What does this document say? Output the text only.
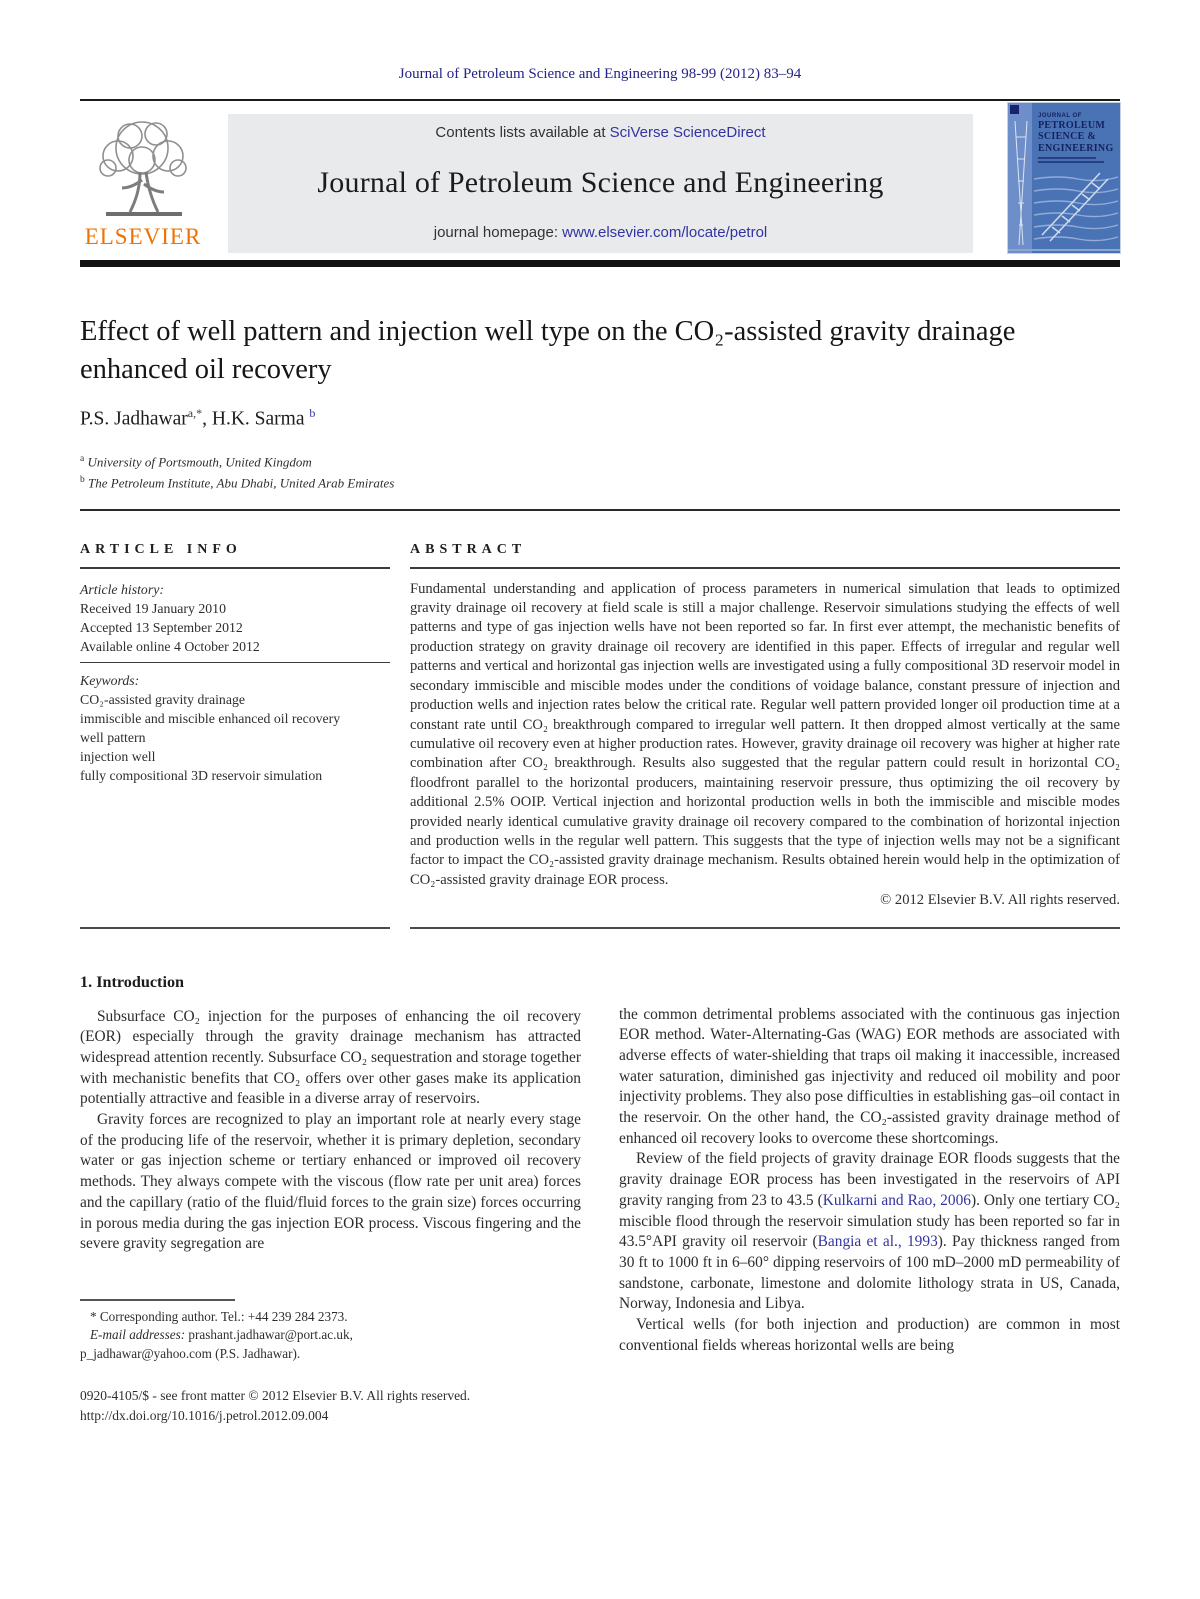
Journal of Petroleum Science and Engineering 98-99 (2012) 83–94
ELSEVIER
Contents lists available at SciVerse ScienceDirect
Journal of Petroleum Science and Engineering
journal homepage: www.elsevier.com/locate/petrol
JOURNAL OF
PETROLEUM
SCIENCE &
ENGINEERING
Effect of well pattern and injection well type on the CO₂-assisted gravity drainage enhanced oil recovery
P.S. Jadhawar$^{a,*}$, H.K. Sarma $^b$
$^a$ University of Portsmouth, United Kingdom
$^b$ The Petroleum Institute, Abu Dhabi, United Arab Emirates
ARTICLE INFO
Article history:
Received 19 January 2010
Accepted 13 September 2012
Available online 4 October 2012
Keywords:
CO₂-assisted gravity drainage
immiscible and miscible enhanced oil recovery
well pattern
injection well
fully compositional 3D reservoir simulation
ABSTRACT

Fundamental understanding and application of process parameters in numerical simulation that leads to optimized gravity drainage oil recovery at field scale is still a major challenge. Reservoir simulations studying the effects of well patterns and type of gas injection wells have not been reported so far. In first ever attempt, the mechanistic benefits of production strategy on gravity drainage oil recovery are identified in this paper. Effects of irregular and regular well patterns and vertical and horizontal gas injection wells are investigated using a fully compositional 3D reservoir model in secondary immiscible and miscible modes under the conditions of voidage balance, constant pressure of injection and production wells and injection rates below the critical rate. Regular well pattern provided longer oil production time at a constant rate until CO₂ breakthrough compared to irregular well pattern. It then dropped almost vertically at the same cumulative oil recovery even at higher production rates. However, gravity drainage oil recovery was higher at higher rate combination after CO₂ breakthrough. Results also suggested that the regular pattern could result in horizontal CO₂ floodfront parallel to the horizontal producers, maintaining reservoir pressure, thus optimizing the oil recovery by additional 2.5% OOIP. Vertical injection and horizontal production wells in both the immiscible and miscible modes provided nearly identical cumulative gravity drainage oil recovery compared to the combination of horizontal injection and production wells in the regular well pattern. This suggests that the type of injection wells may not be a significant factor to impact the CO₂-assisted gravity drainage mechanism. Results obtained herein would help in the optimization of CO₂-assisted gravity drainage EOR process.

© 2012 Elsevier B.V. All rights reserved.
1. Introduction

Subsurface CO₂ injection for the purposes of enhancing the oil recovery (EOR) especially through the gravity drainage mechanism has attracted widespread attention recently. Subsurface CO₂ sequestration and storage together with mechanistic benefits that CO₂ offers over other gases make its application potentially attractive and feasible in a diverse array of reservoirs.

Gravity forces are recognized to play an important role at nearly every stage of the producing life of the reservoir, whether it is primary depletion, secondary water or gas injection scheme or tertiary enhanced or improved oil recovery methods. They always compete with the viscous (flow rate per unit area) forces and the capillary (ratio of the fluid/fluid forces to the grain size) forces occurring in porous media during the gas injection EOR process. Viscous fingering and the severe gravity segregation are

* Corresponding author. Tel.: +44 239 284 2373.

E-mail addresses: prashant.jadhawar@port.ac.uk, p_jadhawar@yahoo.com (P.S. Jadhawar).

0920-4105/$ - see front matter © 2012 Elsevier B.V. All rights reserved.
http://dx.doi.org/10.1016/j.petrol.2012.09.004

the common detrimental problems associated with the continuous gas injection EOR method. Water-Alternating-Gas (WAG) EOR methods are associated with adverse effects of water-shielding that traps oil making it inaccessible, increased water saturation, diminished gas injectivity and reduced oil mobility and poor injectivity problems. They also pose difficulties in establishing gas–oil contact in the reservoir. On the other hand, the CO₂-assisted gravity drainage method of enhanced oil recovery looks to overcome these shortcomings.

Review of the field projects of gravity drainage EOR floods suggests that the gravity drainage EOR process has been investigated in the reservoirs of API gravity ranging from 23 to 43.5 (Kulkarni and Rao, 2006). Only one tertiary CO₂ miscible flood through the reservoir simulation study has been reported so far in 43.5°API gravity oil reservoir (Bangia et al., 1993). Pay thickness ranged from 30 ft to 1000 ft in 6–60° dipping reservoirs of 100 mD–2000 mD permeability of sandstone, carbonate, limestone and dolomite lithology strata in US, Canada, Norway, Indonesia and Libya.

Vertical wells (for both injection and production) are common in most conventional fields whereas horizontal wells are being
